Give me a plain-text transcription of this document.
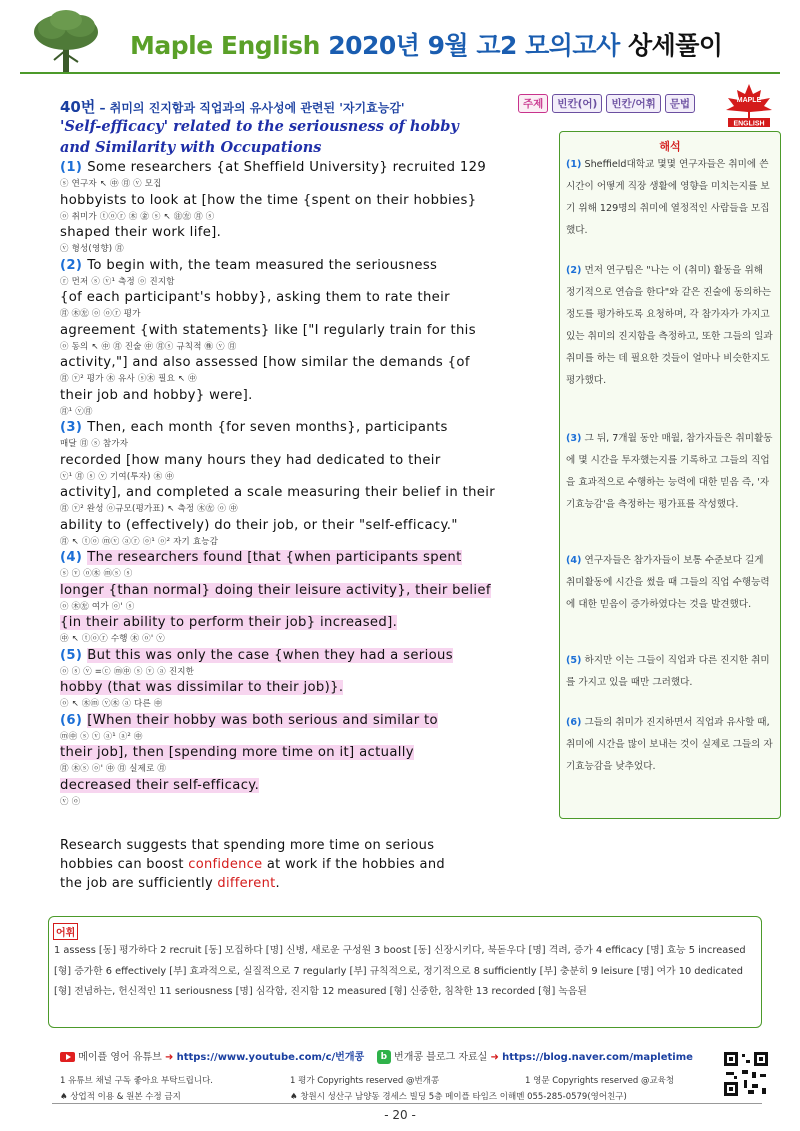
Maple English 2020년 9월 고2 모의고사 상세풀이
40번 – 취미의 진지함과 직업과의 유사성에 관련된 '자기효능감'	주제	빈칸(어)	빈칸/어휘	문법	MAPLE
ENGLISH
'Self-efficacy' related to the seriousness of hobby
and Similarity with Occupations
(1) Some researchers {at Sheffield University} recruited 129
ⓢ 연구자 ↖ ㊥ ㊊ ⓥ 모집
hobbyists to look at [how the time {spent on their hobbies}
ⓞ 취미가 ⓣⓞⓡ ㊍ ㊎ ⓢ ↖ ㊟㊧ ㊊ ⓢ
shaped their work life].
ⓥ 형성(영향) ㊊
(2) To begin with, the team measured the seriousness
ⓡ 먼저 ⓢ ⓥ¹ 측정 ⓞ 진지함
{of each participant's hobby}, asking them to rate their
㊊ ㊍㊧ ⓞ ⓞⓡ 평가
agreement {with statements} like ["I regularly train for this
ⓞ 동의 ↖ ㊥ ㊊ 진술 ㊥ ㊊ⓢ 규칙적 ㊑ ⓥ ㊊
activity,"] and also assessed [how similar the demands {of
㊊ ⓥ² 평가 ㊍ 유사 ⓢ㊍ 필요 ↖ ㊥
their job and hobby} were].
㊊¹ ⓥ㊊
(3) Then, each month {for seven months}, participants
매달 ㊊ ⓢ 참가자
recorded [how many hours they had dedicated to their
ⓥ¹ ㊊ ⓢ ⓥ 기여(투자) ㊍ ㊥
activity], and completed a scale measuring their belief in their
㊊ ⓥ² 완성 ⓞ규모(평가표) ↖ 측정 ㊍㊧ ⓞ ㊥
ability to (effectively) do their job, or their "self-efficacy."
㊊ ↖ ⓣⓞ ⓜⓥ ⓐⓡ ⓞ¹ ⓞ² 자기 효능감
(4) The researchers found [that {when participants spent
ⓢ ⓥ ⓞ㊍ ⓜⓢ ⓢ
longer {than normal} doing their leisure activity}, their belief
ⓞ ㊍㊧ 여가 ⓞ' ⓢ
{in their ability to perform their job} increased].
㊥ ↖ ⓣⓞⓡ 수행 ㊍ ⓞ' ⓥ
(5) But this was only the case {when they had a serious
ⓞ ⓢ ⓥ =ⓒ ⓜ㊥ ⓢ ⓥ ⓐ 진지한
hobby (that was dissimilar to their job)}.
ⓞ ↖ ㊍ⓜ ⓥ㊍ ⓐ 다른 ㊥
(6) [When their hobby was both serious and similar to
ⓜ㊥ ⓢ ⓥ ⓐ¹ ⓐ² ㊥
their job], then [spending more time on it] actually
㊊ ㊍ⓢ ⓞ' ㊥ ㊊ 실제로 ㊊
decreased their self-efficacy.
ⓥ ⓞ
Research suggests that spending more time on serious
hobbies can boost confidence at work if the hobbies and
the job are sufficiently different.
해석
(1) Sheffield대학교 몇몇 연구자들은 취미에 쓴 시간이 어떻게 직장 생활에 영향을 미치는지를 보기 위해 129명의 취미에 열정적인 사람들을 모집했다.
(2) 먼저 연구팀은 "나는 이 (취미) 활동을 위해 정기적으로 연습을 한다"와 같은 진술에 동의하는 정도를 평가하도록 요청하며, 각 참가자가 가지고 있는 취미의 진지함을 측정하고, 또한 그들의 일과 취미를 하는 데 필요한 것들이 얼마나 비슷한지도 평가했다.
(3) 그 뒤, 7개월 동안 매월, 참가자들은 취미활동에 몇 시간을 투자했는지를 기록하고 그들의 직업을 효과적으로 수행하는 능력에 대한 믿음 즉, '자기효능감'을 측정하는 평가표를 작성했다.
(4) 연구자들은 참가자들이 보통 수준보다 길게 취미활동에 시간을 썼을 때 그들의 직업 수행능력에 대한 믿음이 증가하였다는 것을 발견했다.
(5) 하지만 이는 그들이 직업과 다른 진지한 취미를 가지고 있을 때만 그러했다.
(6) 그들의 취미가 진지하면서 직업과 유사할 때, 취미에 시간을 많이 보내는 것이 실제로 그들의 자기효능감을 낮추었다.
어휘
1 assess [동] 평가하다 2 recruit [동] 모집하다 [명] 신병, 새로운 구성원 3 boost [동] 신장시키다, 북돋우다 [명] 격려, 증가 4 efficacy [명] 효능 5 increased [형] 증가한 6 effectively [부] 효과적으로, 실질적으로 7 regularly [부] 규칙적으로, 정기적으로 8 sufficiently [부] 충분히 9 leisure [명] 여가 10 dedicated [형] 전념하는, 헌신적인 11 seriousness [명] 심각함, 진지함 12 measured [형] 신중한, 침착한 13 recorded [형] 녹음된
메이플 영어 유튜브 ➜ https://www.youtube.com/c/번개콩 b 번개콩 블로그 자료실 ➜ https://blog.naver.com/mapletime
1 유튜브 채널 구독 좋아요 부탁드립니다.	1 평가 Copyrights reserved @번개콩	1 영문 Copyrights reserved @교육청
♠ 상업적 이용 & 원본 수정 금지	♠ 창원시 성산구 남양동 경세스 빌딩 5층 메이플 타임즈 이해멘 055-285-0579(영어친구)
- 20 -
